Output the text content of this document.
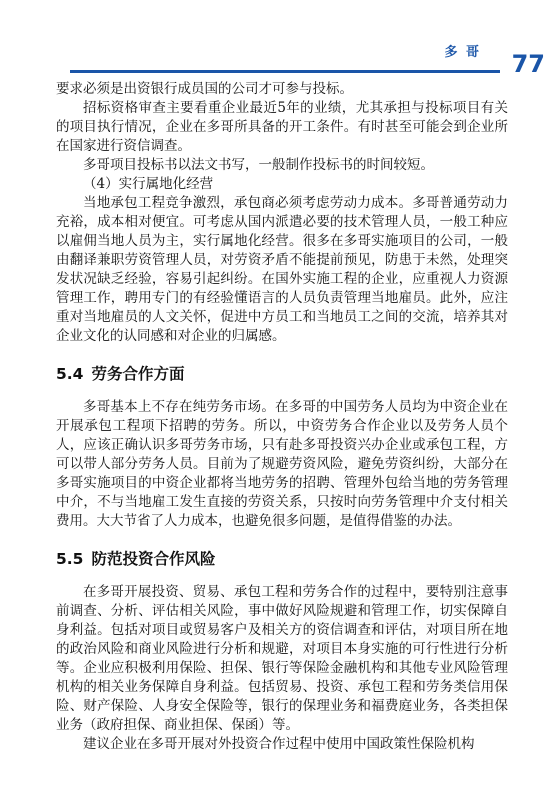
多 哥 77

要求必须是出资银行成员国的公司才可参与投标。

招标资格审查主要看重企业最近5年的业绩，尤其承担与投标项目有关的项目执行情况，企业在多哥所具备的开工条件。有时甚至可能会到企业所在国家进行资信调查。

多哥项目投标书以法文书写，一般制作投标书的时间较短。

（4）实行属地化经营

当地承包工程竞争激烈，承包商必须考虑劳动力成本。多哥普通劳动力充裕，成本相对便宜。可考虑从国内派遣必要的技术管理人员，一般工种应以雇佣当地人员为主，实行属地化经营。很多在多哥实施项目的公司，一般由翻译兼职劳资管理人员，对劳资矛盾不能提前预见，防患于未然，处理突发状况缺乏经验，容易引起纠纷。在国外实施工程的企业，应重视人力资源管理工作，聘用专门的有经验懂语言的人员负责管理当地雇员。此外，应注重对当地雇员的人文关怀，促进中方员工和当地员工之间的交流，培养其对企业文化的认同感和对企业的归属感。

5.4 劳务合作方面

多哥基本上不存在纯劳务市场。在多哥的中国劳务人员均为中资企业在开展承包工程项下招聘的劳务。所以，中资劳务合作企业以及劳务人员个人，应该正确认识多哥劳务市场，只有赴多哥投资兴办企业或承包工程，方可以带人部分劳务人员。目前为了规避劳资风险，避免劳资纠纷，大部分在多哥实施项目的中资企业都将当地劳务的招聘、管理外包给当地的劳务管理中介，不与当地雇工发生直接的劳资关系，只按时向劳务管理中介支付相关费用。大大节省了人力成本，也避免很多问题，是值得借鉴的办法。

5.5 防范投资合作风险

在多哥开展投资、贸易、承包工程和劳务合作的过程中，要特别注意事前调查、分析、评估相关风险，事中做好风险规避和管理工作，切实保障自身利益。包括对项目或贸易客户及相关方的资信调查和评估，对项目所在地的政治风险和商业风险进行分析和规避，对项目本身实施的可行性进行分析等。企业应积极利用保险、担保、银行等保险金融机构和其他专业风险管理机构的相关业务保障自身利益。包括贸易、投资、承包工程和劳务类信用保险、财产保险、人身安全保险等，银行的保理业务和福费庭业务，各类担保业务（政府担保、商业担保、保函）等。

建议企业在多哥开展对外投资合作过程中使用中国政策性保险机构
